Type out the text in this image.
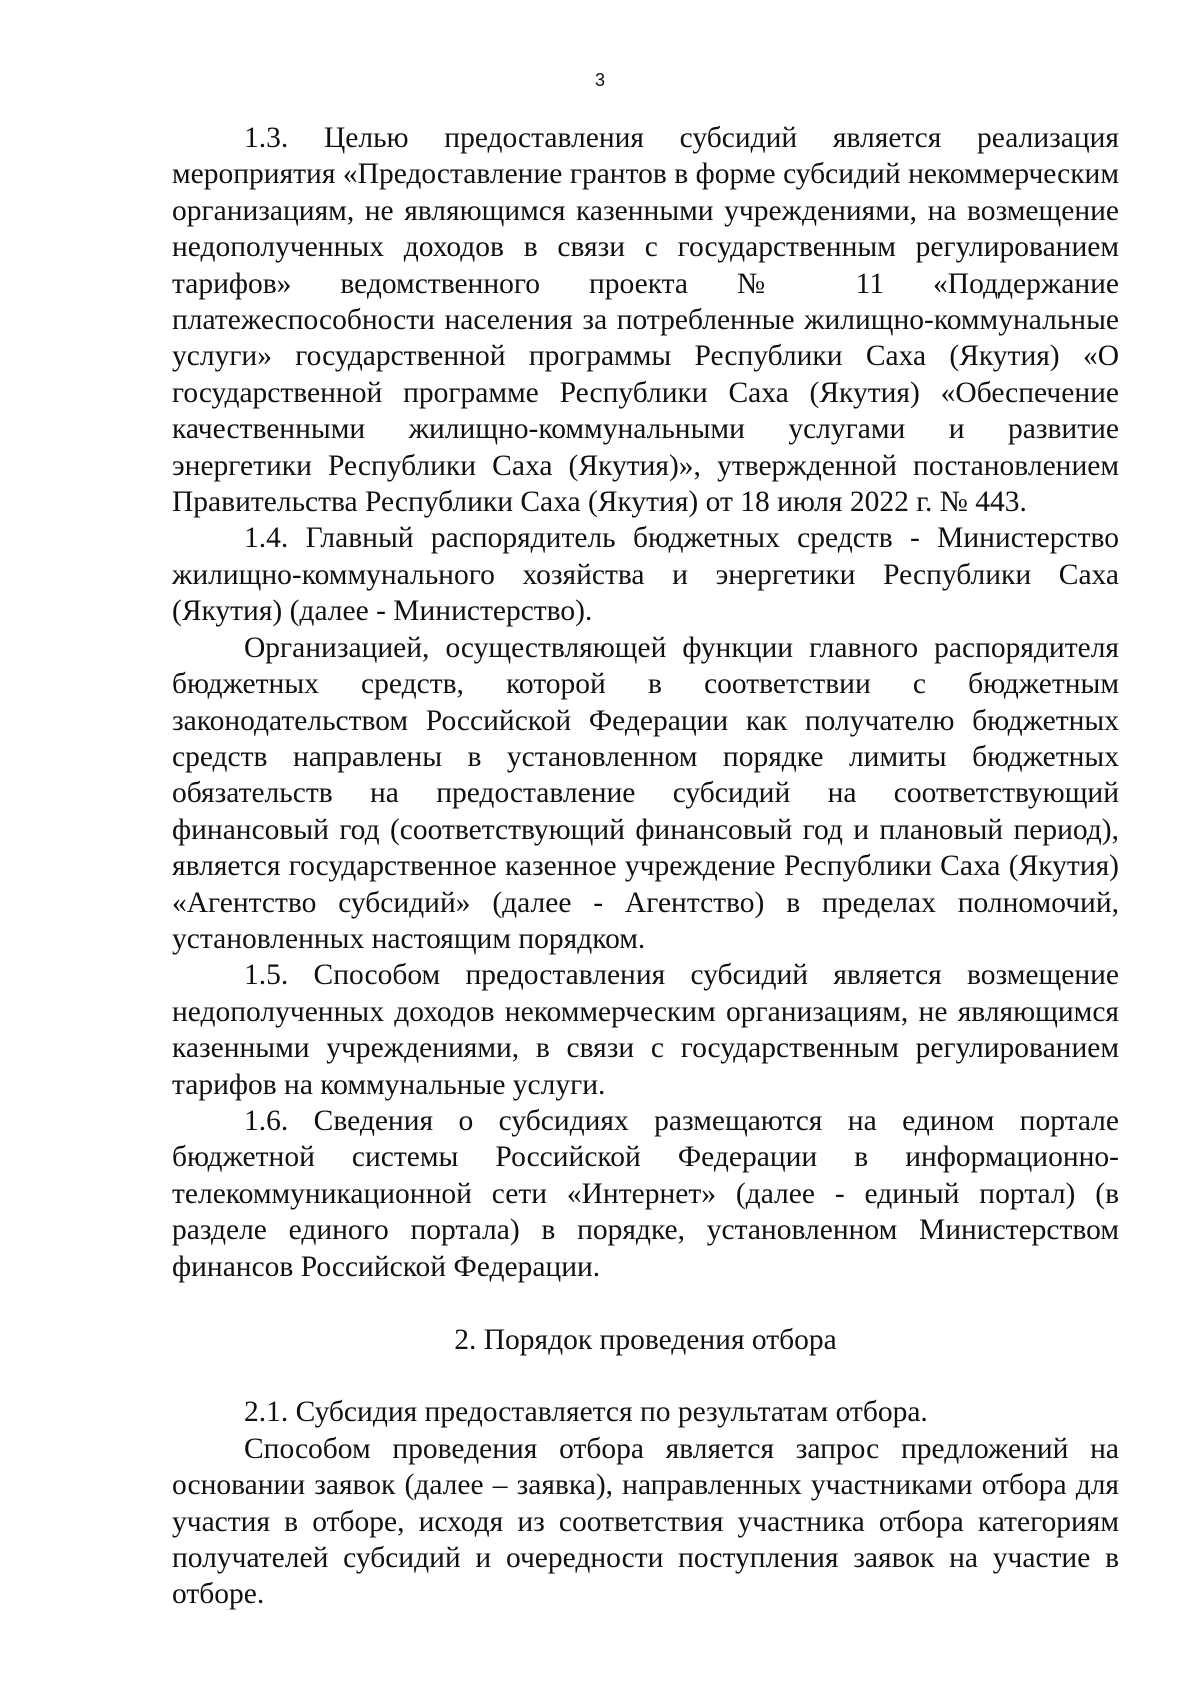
3

1.3. Целью предоставления субсидий является реализация мероприятия «Предоставление грантов в форме субсидий некоммерческим организациям, не являющимся казенными учреждениями, на возмещение недополученных доходов в связи с государственным регулированием тарифов» ведомственного проекта № 11 «Поддержание платежеспособности населения за потребленные жилищно-коммунальные услуги» государственной программы Республики Саха (Якутия) «О государственной программе Республики Саха (Якутия) «Обеспечение качественными жилищно-коммунальными услугами и развитие энергетики Республики Саха (Якутия)», утвержденной постановлением Правительства Республики Саха (Якутия) от 18 июля 2022 г. № 443.

1.4. Главный распорядитель бюджетных средств - Министерство жилищно-коммунального хозяйства и энергетики Республики Саха (Якутия) (далее - Министерство).

Организацией, осуществляющей функции главного распорядителя бюджетных средств, которой в соответствии с бюджетным законодательством Российской Федерации как получателю бюджетных средств направлены в установленном порядке лимиты бюджетных обязательств на предоставление субсидий на соответствующий финансовый год (соответствующий финансовый год и плановый период), является государственное казенное учреждение Республики Саха (Якутия) «Агентство субсидий» (далее - Агентство) в пределах полномочий, установленных настоящим порядком.

1.5. Способом предоставления субсидий является возмещение недополученных доходов некоммерческим организациям, не являющимся казенными учреждениями, в связи с государственным регулированием тарифов на коммунальные услуги.

1.6. Сведения о субсидиях размещаются на едином портале бюджетной системы Российской Федерации в информационно-телекоммуникационной сети «Интернет» (далее - единый портал) (в разделе единого портала) в порядке, установленном Министерством финансов Российской Федерации.

2. Порядок проведения отбора

2.1. Субсидия предоставляется по результатам отбора.

Способом проведения отбора является запрос предложений на основании заявок (далее – заявка), направленных участниками отбора для участия в отборе, исходя из соответствия участника отбора категориям получателей субсидий и очередности поступления заявок на участие в отборе.
